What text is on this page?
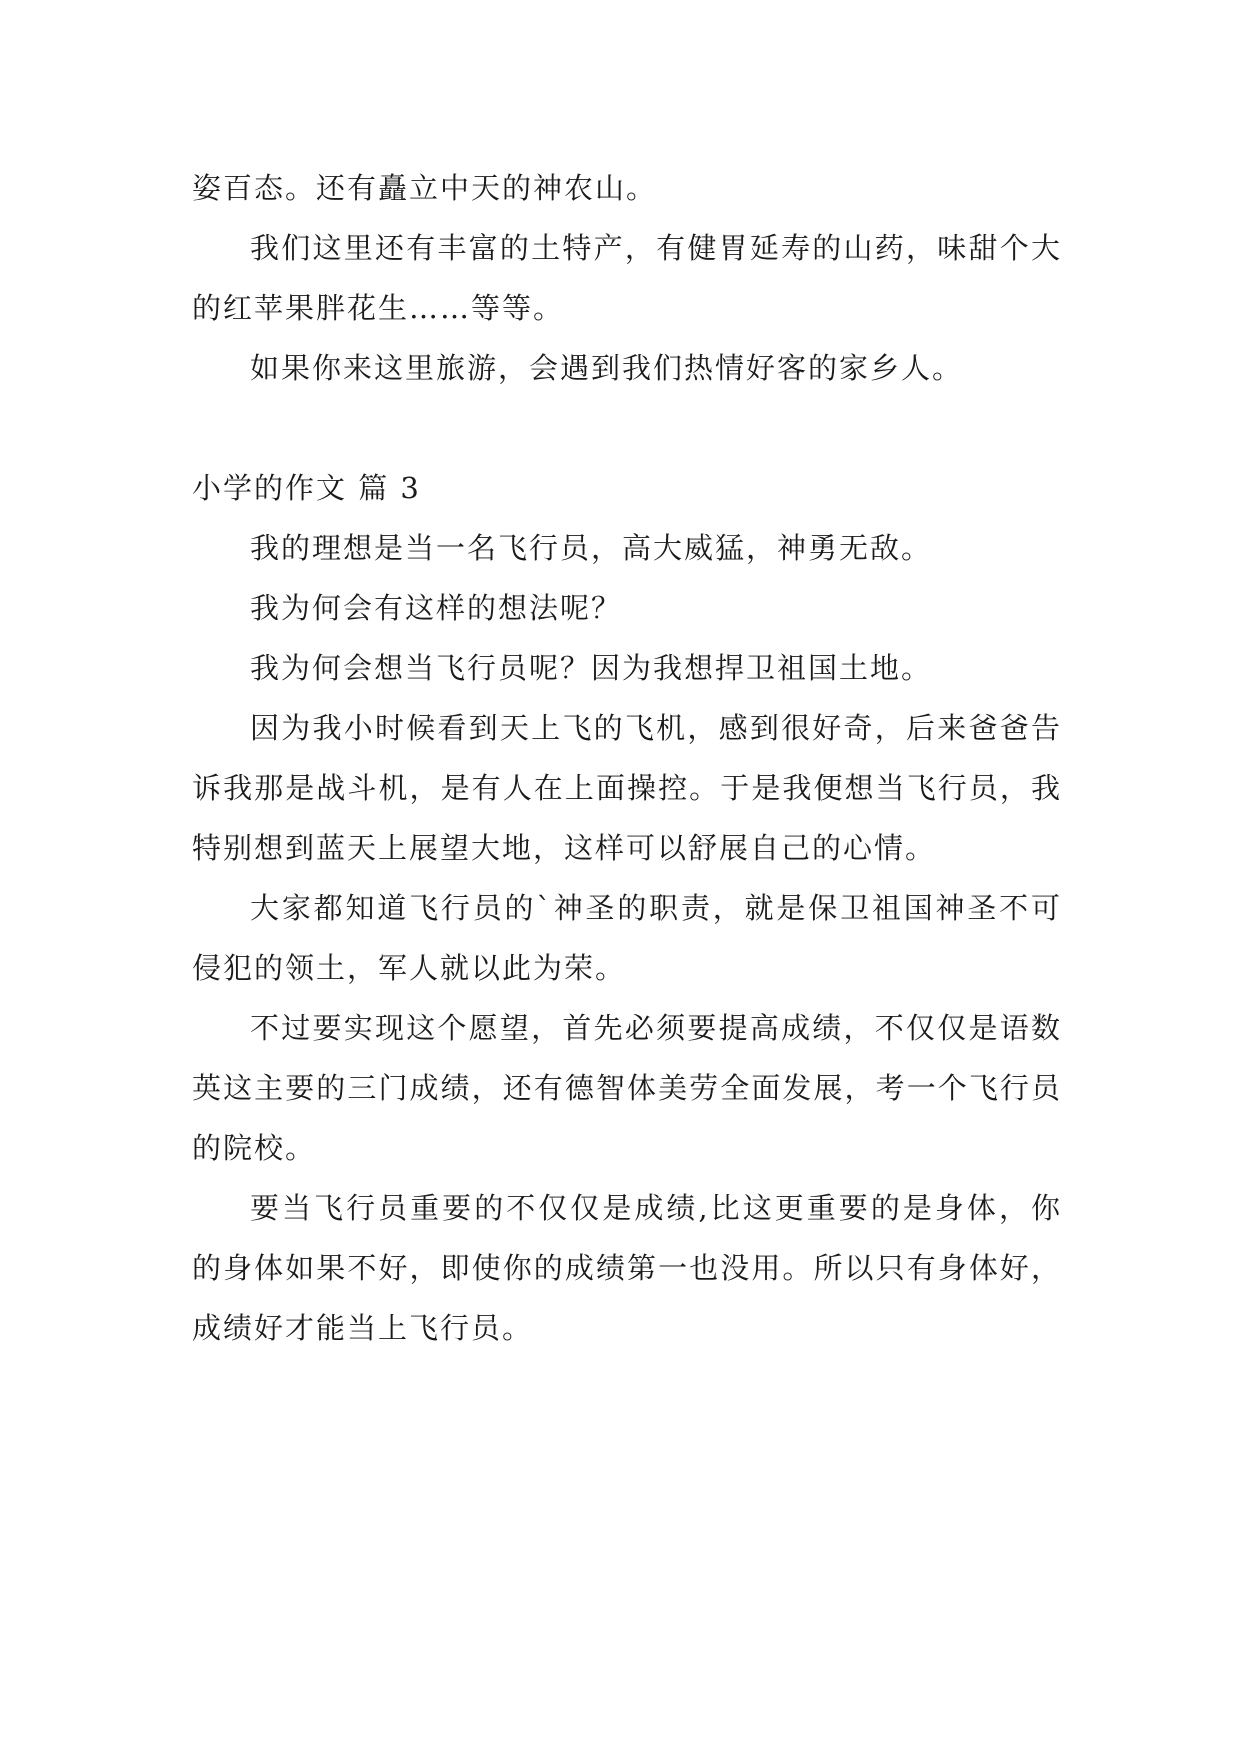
姿百态。还有矗立中天的神农山。

我们这里还有丰富的土特产，有健胃延寿的山药，味甜个大的红苹果胖花生……等等。

如果你来这里旅游，会遇到我们热情好客的家乡人。

小学的作文 篇 3

我的理想是当一名飞行员，高大威猛，神勇无敌。

我为何会有这样的想法呢？

我为何会想当飞行员呢？因为我想捍卫祖国土地。

因为我小时候看到天上飞的飞机，感到很好奇，后来爸爸告诉我那是战斗机，是有人在上面操控。于是我便想当飞行员，我特别想到蓝天上展望大地，这样可以舒展自己的心情。

大家都知道飞行员的`神圣的职责，就是保卫祖国神圣不可侵犯的领土，军人就以此为荣。

不过要实现这个愿望，首先必须要提高成绩，不仅仅是语数英这主要的三门成绩，还有德智体美劳全面发展，考一个飞行员的院校。

要当飞行员重要的不仅仅是成绩,比这更重要的是身体，你的身体如果不好，即使你的成绩第一也没用。所以只有身体好，成绩好才能当上飞行员。
